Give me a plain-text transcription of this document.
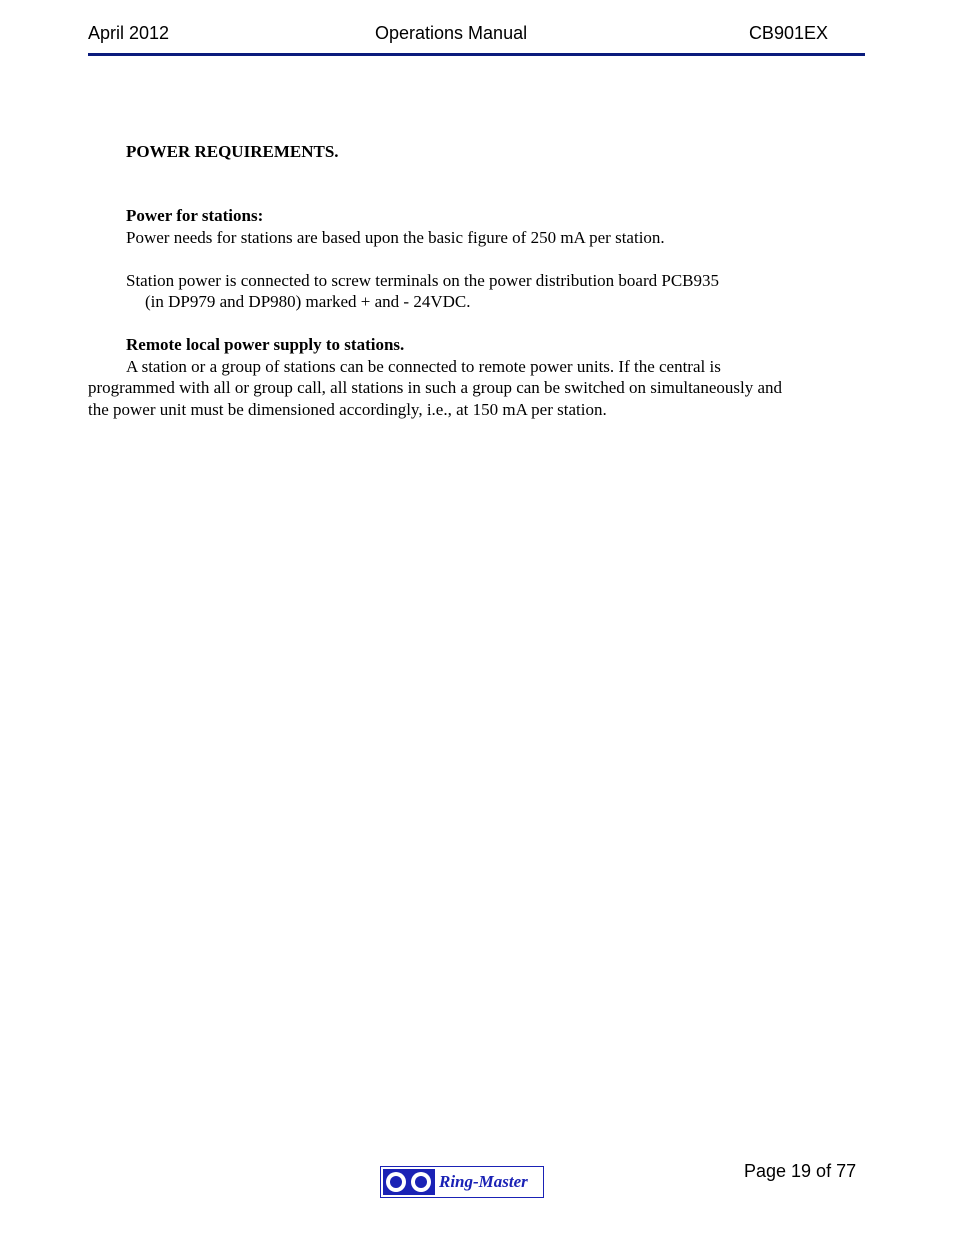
April 2012	Operations Manual	CB901EX
POWER REQUIREMENTS.
Power for stations:
Power needs for stations are based upon the basic figure of 250 mA per station.
Station power is connected to screw terminals on the power distribution board PCB935
(in DP979 and DP980) marked + and - 24VDC.
Remote local power supply to stations.
A station or a group of stations can be connected to remote power units. If the central is
programmed with all or group call, all stations in such a group can be switched on simultaneously and
the power unit must be dimensioned accordingly, i.e., at 150 mA per station.
Page 19 of 77
Ring-Master
